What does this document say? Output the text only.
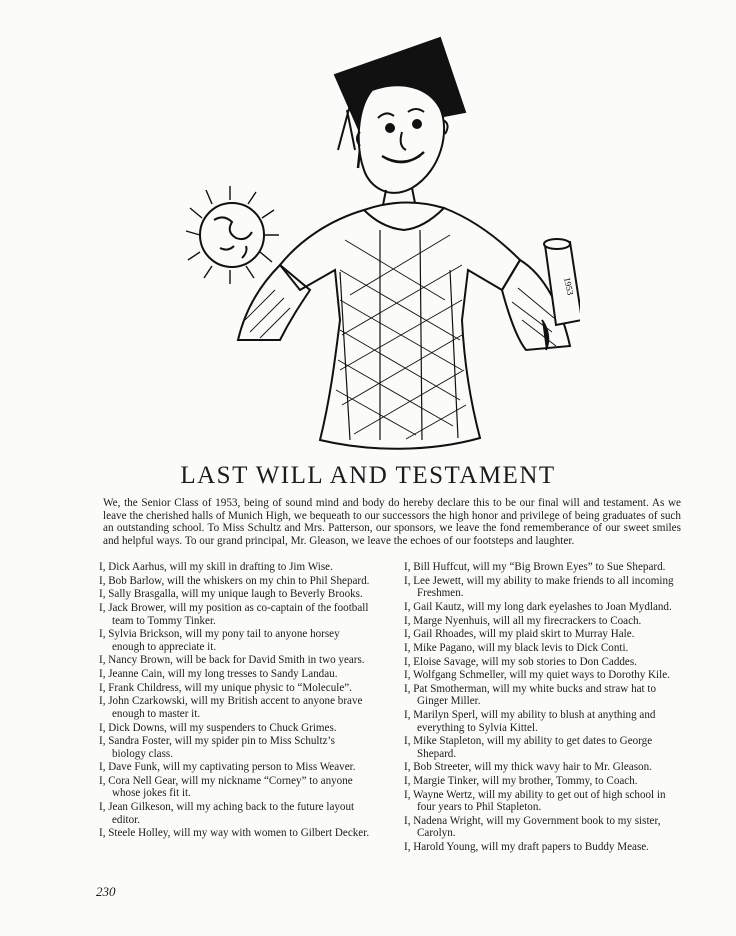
1953
LAST WILL AND TESTAMENT

We, the Senior Class of 1953, being of sound mind and body do hereby declare this to be our final will and testament. As we leave the cherished halls of Munich High, we bequeath to our successors the high honor and privilege of being graduates of such an outstanding school. To Miss Schultz and Mrs. Patterson, our sponsors, we leave the fond rememberance of our sweet smiles and helpful ways. To our grand principal, Mr. Gleason, we leave the echoes of our footsteps and laughter.

I, Dick Aarhus, will my skill in drafting to Jim Wise.
I, Bob Barlow, will the whiskers on my chin to Phil Shepard.
I, Sally Brasgalla, will my unique laugh to Beverly Brooks.
I, Jack Brower, will my position as co-captain of the football team to Tommy Tinker.
I, Sylvia Brickson, will my pony tail to anyone horsey enough to appreciate it.
I, Nancy Brown, will be back for David Smith in two years.
I, Jeanne Cain, will my long tresses to Sandy Landau.
I, Frank Childress, will my unique physic to “Molecule”.
I, John Czarkowski, will my British accent to anyone brave enough to master it.
I, Dick Downs, will my suspenders to Chuck Grimes.
I, Sandra Foster, will my spider pin to Miss Schultz’s biology class.
I, Dave Funk, will my captivating person to Miss Weaver.
I, Cora Nell Gear, will my nickname “Corney” to anyone whose jokes fit it.
I, Jean Gilkeson, will my aching back to the future layout editor.
I, Steele Holley, will my way with women to Gilbert Decker.
I, Bill Huffcut, will my “Big Brown Eyes” to Sue Shepard.
I, Lee Jewett, will my ability to make friends to all incoming Freshmen.
I, Gail Kautz, will my long dark eyelashes to Joan Mydland.
I, Marge Nyenhuis, will all my firecrackers to Coach.
I, Gail Rhoades, will my plaid skirt to Murray Hale.
I, Mike Pagano, will my black levis to Dick Conti.
I, Eloise Savage, will my sob stories to Don Caddes.
I, Wolfgang Schmeller, will my quiet ways to Dorothy Kile.
I, Pat Smotherman, will my white bucks and straw hat to Ginger Miller.
I, Marilyn Sperl, will my ability to blush at anything and everything to Sylvia Kittel.
I, Mike Stapleton, will my ability to get dates to George Shepard.
I, Bob Streeter, will my thick wavy hair to Mr. Gleason.
I, Margie Tinker, will my brother, Tommy, to Coach.
I, Wayne Wertz, will my ability to get out of high school in four years to Phil Stapleton.
I, Nadena Wright, will my Government book to my sister, Carolyn.
I, Harold Young, will my draft papers to Buddy Mease.
230
